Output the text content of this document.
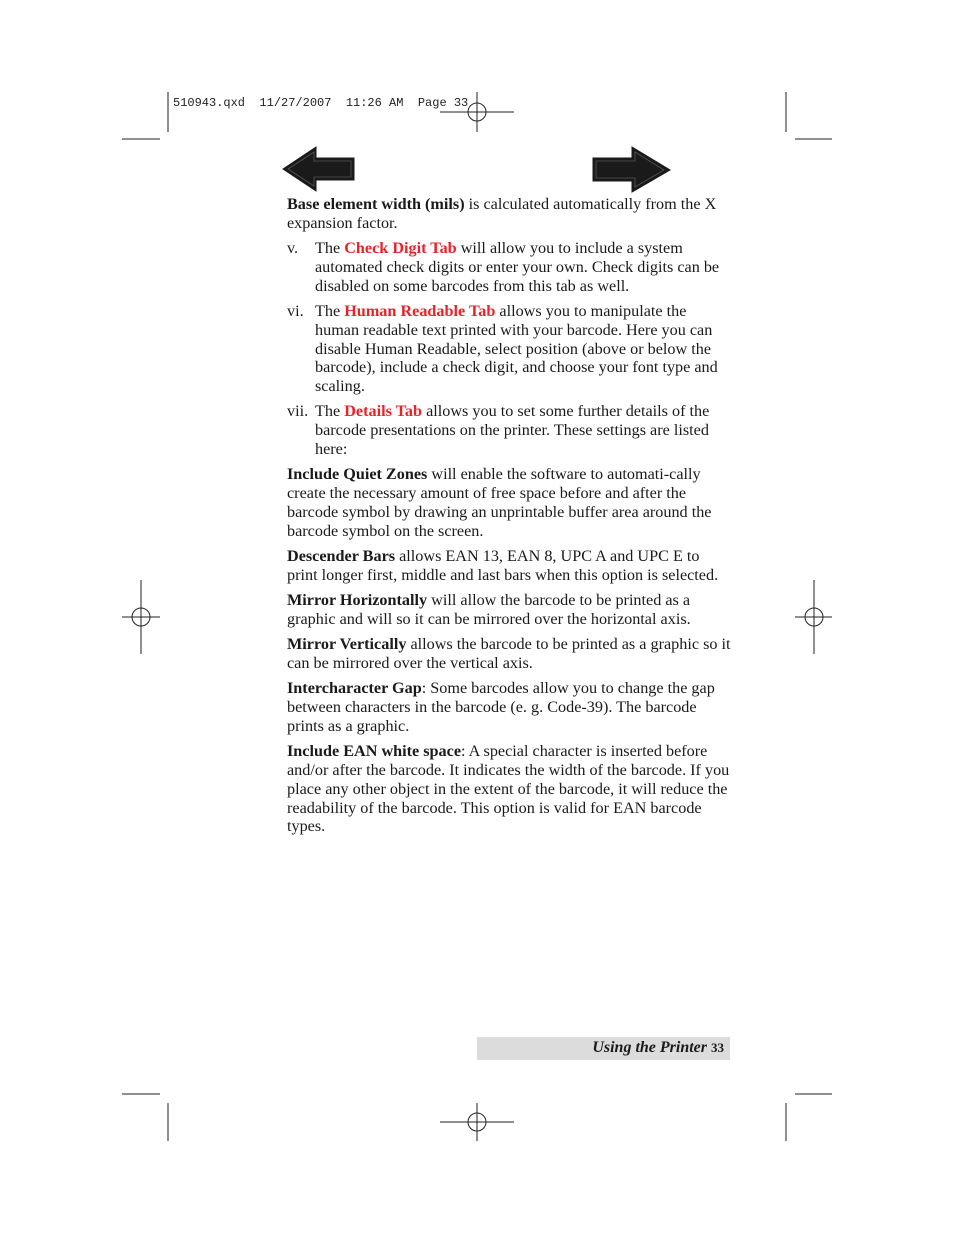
510943.qxd  11/27/2007  11:26 AM  Page 33

Base element width (mils) is calculated automatically from the X expansion factor.

v. The Check Digit Tab will allow you to include a system automated check digits or enter your own. Check digits can be disabled on some barcodes from this tab as well.
vi. The Human Readable Tab allows you to manipulate the human readable text printed with your barcode. Here you can disable Human Readable, select position (above or below the barcode), include a check digit, and choose your font type and scaling.
vii. The Details Tab allows you to set some further details of the barcode presentations on the printer. These settings are listed here:

Include Quiet Zones will enable the software to automati-cally create the necessary amount of free space before and after the barcode symbol by drawing an unprintable buffer area around the barcode symbol on the screen.

Descender Bars allows EAN 13, EAN 8, UPC A and UPC E to print longer first, middle and last bars when this option is selected.

Mirror Horizontally will allow the barcode to be printed as a graphic and will so it can be mirrored over the horizontal axis.

Mirror Vertically allows the barcode to be printed as a graphic so it can be mirrored over the vertical axis.

Intercharacter Gap: Some barcodes allow you to change the gap between characters in the barcode (e. g. Code-39). The barcode prints as a graphic.

Include EAN white space: A special character is inserted before and/or after the barcode. It indicates the width of the barcode. If you place any other object in the extent of the barcode, it will reduce the readability of the barcode. This option is valid for EAN barcode types.

Using the Printer 33
